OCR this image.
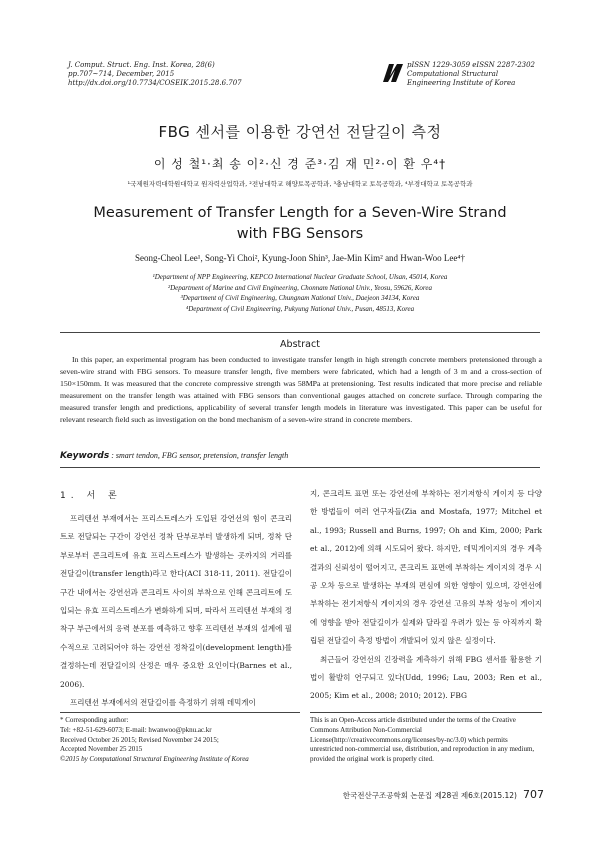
J. Comput. Struct. Eng. Inst. Korea, 28(6)
pp.707~714, December, 2015
http://dx.doi.org/10.7734/COSEIK.2015.28.6.707
pISSN 1229-3059 eISSN 2287-2302
Computational Structural
Engineering Institute of Korea
FBG 센서를 이용한 강연선 전달길이 측정
이 성 철¹·최 송 이²·신 경 준³·김 재 민²·이 환 우⁴†
¹국제원자력대학원대학교 원자력산업학과, ²전남대학교 해양토목공학과, ³충남대학교 토목공학과, ⁴부경대학교 토목공학과
Measurement of Transfer Length for a Seven-Wire Strand
with FBG Sensors
Seong-Cheol Lee¹, Song-Yi Choi², Kyung-Joon Shin³, Jae-Min Kim² and Hwan-Woo Lee⁴†
¹Department of NPP Engineering, KEPCO International Nuclear Graduate School, Ulsan, 45014, Korea
²Department of Marine and Civil Engineering, Chonnam National Univ., Yeosu, 59626, Korea
³Department of Civil Engineering, Chungnam National Univ., Daejeon 34134, Korea
⁴Department of Civil Engineering, Pukyung National Univ., Pusan, 48513, Korea
Abstract
In this paper, an experimental program has been conducted to investigate transfer length in high strength concrete members pretensioned through a seven-wire strand with FBG sensors. To measure transfer length, five members were fabricated, which had a length of 3 m and a cross-section of 150×150mm. It was measured that the concrete compressive strength was 58MPa at pretensioning. Test results indicated that more precise and reliable measurement on the transfer length was attained with FBG sensors than conventional gauges attached on concrete surface. Through comparing the measured transfer length and predictions, applicability of several transfer length models in literature was investigated. This paper can be useful for relevant research field such as investigation on the bond mechanism of a seven-wire strand in concrete members.
Keywords : smart tendon, FBG sensor, pretension, transfer length
1. 서 론

프리텐션 부재에서는 프리스트레스가 도입된 강연선의 힘이 콘크리트로 전달되는 구간이 강연선 정착 단부로부터 발생하게 되며, 정착 단부로부터 콘크리트에 유효 프리스트레스가 발생하는 곳까지의 거리를 전달길이(transfer length)라고 한다(ACI 318-11, 2011). 전달길이 구간 내에서는 강연선과 콘크리트 사이의 부착으로 인해 콘크리트에 도입되는 유효 프리스트레스가 변화하게 되며, 따라서 프리텐션 부재의 정착구 부근에서의 응력 분포를 예측하고 향후 프리텐션 부재의 설계에 필수적으로 고려되어야 하는 강연선 정착길이(development length)를 결정하는데 전달길이의 산정은 매우 중요한 요인이다(Barnes et al., 2006).

프리텐션 부재에서의 전달길이를 측정하기 위해 데믹게이

지, 콘크리트 표면 또는 강연선에 부착하는 전기저항식 게이지 등 다양한 방법들이 여러 연구자들(Zia and Mostafa, 1977; Mitchel et al., 1993; Russell and Burns, 1997; Oh and Kim, 2000; Park et al., 2012)에 의해 시도되어 왔다. 하지만, 데믹게이지의 경우 계측 결과의 신뢰성이 떨어지고, 콘크리트 표면에 부착하는 게이지의 경우 시공 오차 등으로 발생하는 부재의 편심에 의한 영향이 있으며, 강연선에 부착하는 전기저항식 게이지의 경우 강연선 고유의 부착 성능이 게이지에 영향을 받아 전달길이가 실제와 달라질 우려가 있는 등 아직까지 확립된 전달길이 측정 방법이 개발되어 있지 않은 실정이다.

최근들어 강연선의 긴장력을 계측하기 위해 FBG 센서를 활용한 기법이 활발히 연구되고 있다(Udd, 1996; Lau, 2003; Ren et al., 2005; Kim et al., 2008; 2010; 2012). FBG

* Corresponding author:
Tel: +82-51-629-6073; E-mail: hwanwoo@pknu.ac.kr
Received October 26 2015; Revised November 24 2015;
Accepted November 25 2015
©2015 by Computational Structural Engineering Institute of Korea
This is an Open-Access article distributed under the terms of the Creative Commons Attribution Non-Commercial License(http://creativecommons.org/licenses/by-nc/3.0) which permits unrestricted non-commercial use, distribution, and reproduction in any medium, provided the original work is properly cited.
한국전산구조공학회 논문집 제28권 제6호(2015.12) 707
